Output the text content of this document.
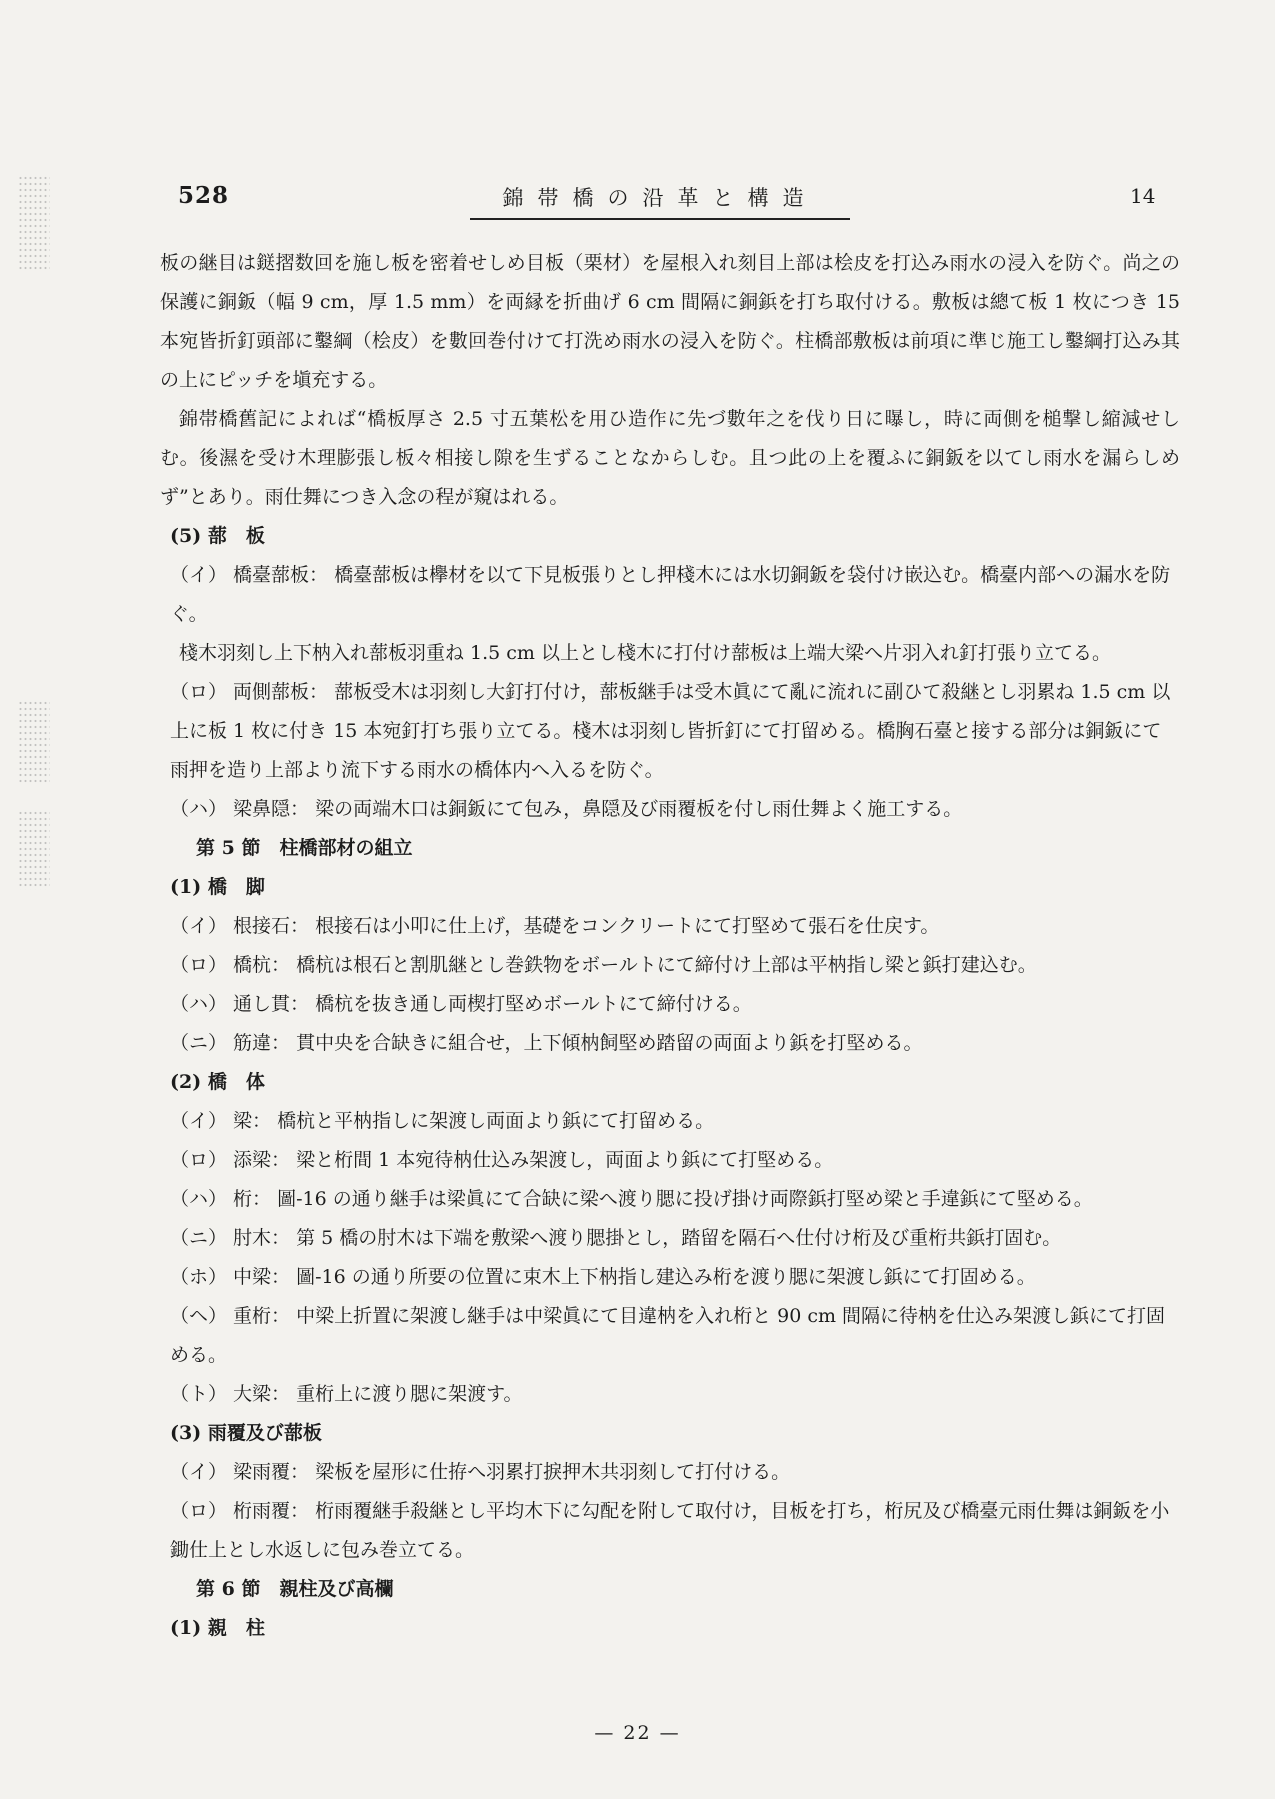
528	錦帯橋の沿革と構造	14

板の継目は鎹摺数回を施し板を密着せしめ目板（栗材）を屋根入れ刻目上部は桧皮を打込み雨水の浸入を防ぐ。尚之の保護に銅鈑（幅 9 cm，厚 1.5 mm）を両縁を折曲げ 6 cm 間隔に銅鋲を打ち取付ける。敷板は總て板 1 枚につき 15 本宛皆折釘頭部に鑿綱（桧皮）を數回巻付けて打洗め雨水の浸入を防ぐ。柱橋部敷板は前項に準じ施工し鑿綱打込み其の上にピッチを塡充する。

錦帯橋舊記によれば“橋板厚さ 2.5 寸五葉松を用ひ造作に先づ數年之を伐り日に曝し，時に両側を槌撃し縮減せしむ。後濕を受け木理膨張し板々相接し隙を生ずることなからしむ。且つ此の上を覆ふに銅鈑を以てし雨水を漏らしめず”とあり。雨仕舞につき入念の程が窺はれる。

(5) 蔀　板

（イ） 橋臺蔀板： 橋臺蔀板は欅材を以て下見板張りとし押棧木には水切銅鈑を袋付け嵌込む。橋臺内部への漏水を防ぐ。

棧木羽刻し上下枘入れ蔀板羽重ね 1.5 cm 以上とし棧木に打付け蔀板は上端大梁へ片羽入れ釘打張り立てる。

（ロ） 両側蔀板： 蔀板受木は羽刻し大釘打付け，蔀板継手は受木眞にて亂に流れに副ひて殺継とし羽累ね 1.5 cm 以上に板 1 枚に付き 15 本宛釘打ち張り立てる。棧木は羽刻し皆折釘にて打留める。橋胸石臺と接する部分は銅鈑にて雨押を造り上部より流下する雨水の橋体内へ入るを防ぐ。

（ハ） 梁鼻隠： 梁の両端木口は銅鈑にて包み，鼻隠及び雨覆板を付し雨仕舞よく施工する。

第 5 節　柱橋部材の組立

(1) 橋　脚

（イ） 根接石： 根接石は小叩に仕上げ，基礎をコンクリートにて打堅めて張石を仕戻す。

（ロ） 橋杭： 橋杭は根石と割肌継とし巻鉄物をボールトにて締付け上部は平枘指し梁と鋲打建込む。

（ハ） 通し貫： 橋杭を抜き通し両楔打堅めボールトにて締付ける。

（ニ） 筋違： 貫中央を合缺きに組合せ，上下傾枘飼堅め踏留の両面より鋲を打堅める。

(2) 橋　体

（イ） 梁： 橋杭と平枘指しに架渡し両面より鋲にて打留める。

（ロ） 添梁： 梁と桁間 1 本宛待枘仕込み架渡し，両面より鋲にて打堅める。

（ハ） 桁： 圖-16 の通り継手は梁眞にて合缺に梁へ渡り腮に投げ掛け両際鋲打堅め梁と手違鋲にて堅める。

（ニ） 肘木： 第 5 橋の肘木は下端を敷梁へ渡り腮掛とし，踏留を隔石へ仕付け桁及び重桁共鋲打固む。

（ホ） 中梁： 圖-16 の通り所要の位置に束木上下枘指し建込み桁を渡り腮に架渡し鋲にて打固める。

（ヘ） 重桁： 中梁上折置に架渡し継手は中梁眞にて目違枘を入れ桁と 90 cm 間隔に待枘を仕込み架渡し鋲にて打固める。

（ト） 大梁： 重桁上に渡り腮に架渡す。

(3) 雨覆及び蔀板

（イ） 梁雨覆： 梁板を屋形に仕拵へ羽累打捩押木共羽刻して打付ける。

（ロ） 桁雨覆： 桁雨覆継手殺継とし平均木下に勾配を附して取付け，目板を打ち，桁尻及び橋臺元雨仕舞は銅鈑を小鋤仕上とし水返しに包み巻立てる。

第 6 節　親柱及び高欄

(1) 親　柱

— 22 —
